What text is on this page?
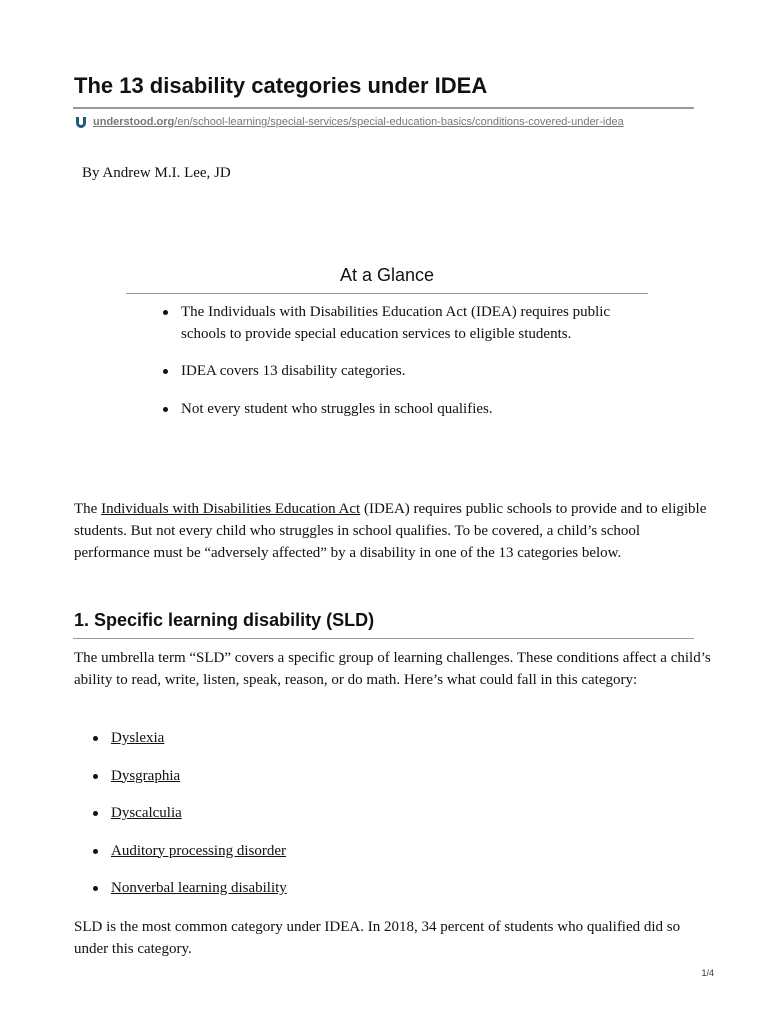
The 13 disability categories under IDEA
understood.org/en/school-learning/special-services/special-education-basics/conditions-covered-under-idea
By Andrew M.I. Lee, JD
At a Glance
The Individuals with Disabilities Education Act (IDEA) requires public schools to provide special education services to eligible students.
IDEA covers 13 disability categories.
Not every student who struggles in school qualifies.

The Individuals with Disabilities Education Act (IDEA) requires public schools to provide and to eligible students. But not every child who struggles in school qualifies. To be covered, a child’s school performance must be “adversely affected” by a disability in one of the 13 categories below.

1. Specific learning disability (SLD)

The umbrella term “SLD” covers a specific group of learning challenges. These conditions affect a child’s ability to read, write, listen, speak, reason, or do math. Here’s what could fall in this category:

Dyslexia
Dysgraphia
Dyscalculia
Auditory processing disorder
Nonverbal learning disability

SLD is the most common category under IDEA. In 2018, 34 percent of students who qualified did so under this category.

1/4
